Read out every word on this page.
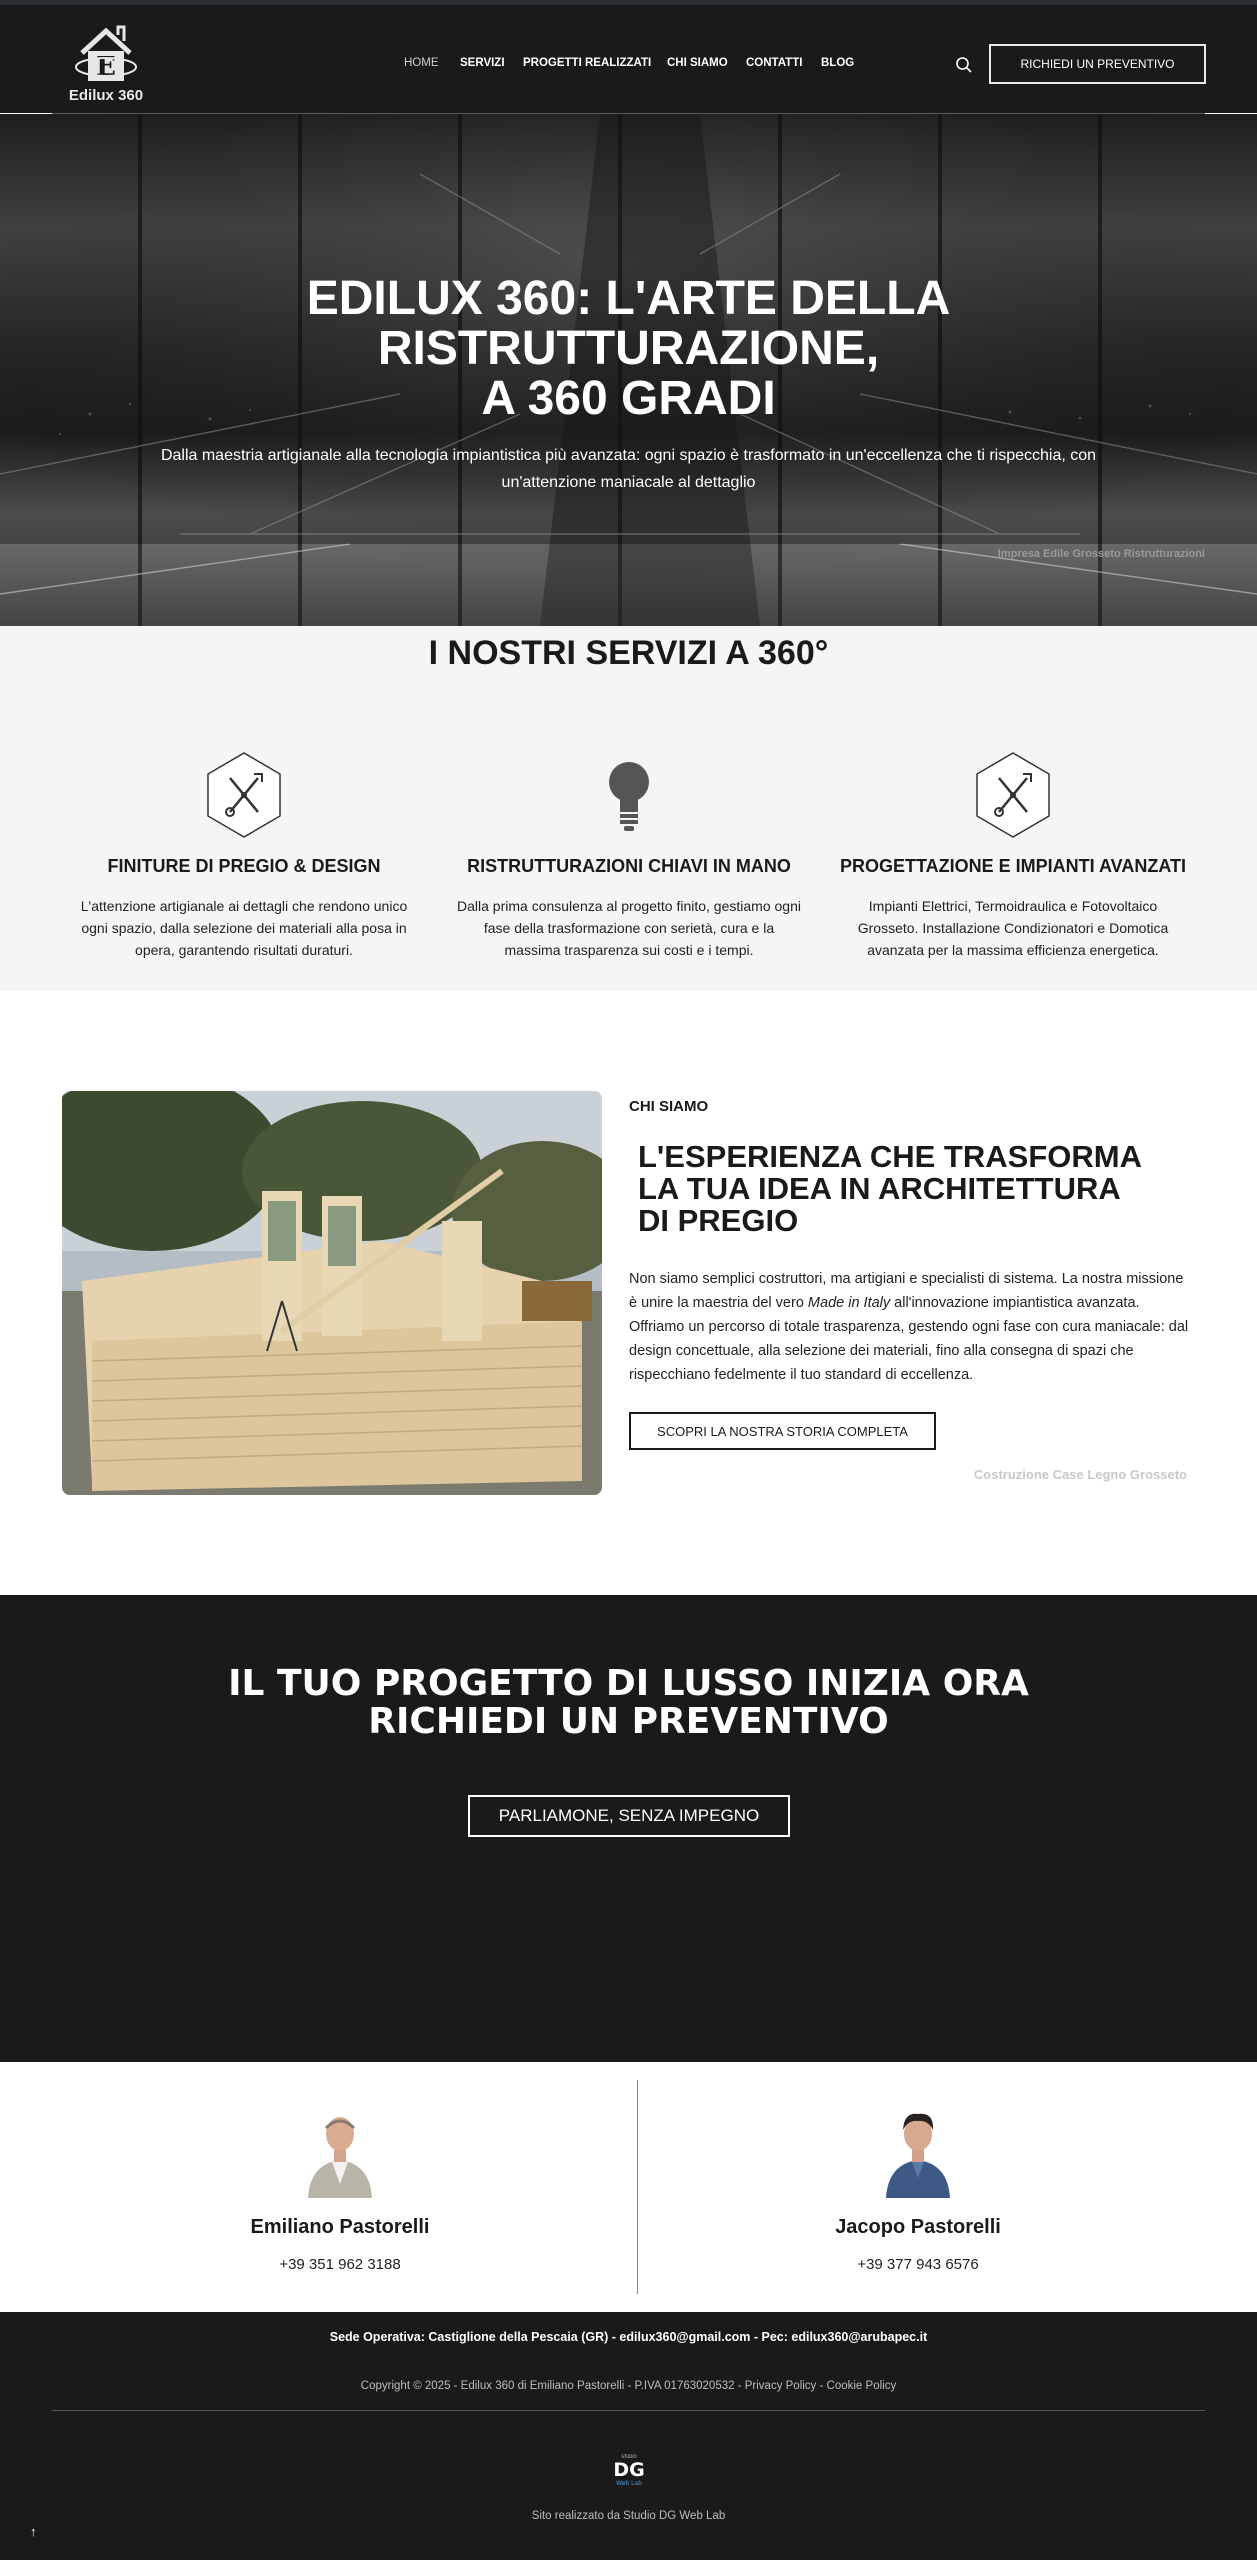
E
Edilux 360
HOME SERVIZI PROGETTI REALIZZATI CHI SIAMO CONTATTI BLOG	RICHIEDI UN PREVENTIVO
EDILUX 360: L'ARTE DELLA
RISTRUTTURAZIONE,
A 360 GRADI

Dalla maestria artigianale alla tecnologia impiantistica più avanzata: ogni spazio è trasformato in un'eccellenza che ti rispecchia, con un'attenzione maniacale al dettaglio

Impresa Edile Grosseto Ristrutturazioni
I NOSTRI SERVIZI A 360°
FINITURE DI PREGIO & DESIGN
L'attenzione artigianale ai dettagli che rendono unico ogni spazio, dalla selezione dei materiali alla posa in opera, garantendo risultati duraturi.
RISTRUTTURAZIONI CHIAVI IN MANO
Dalla prima consulenza al progetto finito, gestiamo ogni fase della trasformazione con serietà, cura e la massima trasparenza sui costi e i tempi.
PROGETTAZIONE E IMPIANTI AVANZATI
Impianti Elettrici, Termoidraulica e Fotovoltaico Grosseto. Installazione Condizionatori e Domotica avanzata per la massima efficienza energetica.
CHI SIAMO
L'ESPERIENZA CHE TRASFORMA
LA TUA IDEA IN ARCHITETTURA
DI PREGIO

Non siamo semplici costruttori, ma artigiani e specialisti di sistema. La nostra missione è unire la maestria del vero Made in Italy all'innovazione impiantistica avanzata. Offriamo un percorso di totale trasparenza, gestendo ogni fase con cura maniacale: dal design concettuale, alla selezione dei materiali, fino alla consegna di spazi che rispecchiano fedelmente il tuo standard di eccellenza.

SCOPRI LA NOSTRA STORIA COMPLETA
Costruzione Case Legno Grosseto
IL TUO PROGETTO DI LUSSO INIZIA ORA
RICHIEDI UN PREVENTIVO
PARLIAMONE, SENZA IMPEGNO
Emiliano Pastorelli
+39 351 962 3188
Jacopo Pastorelli
+39 377 943 6576
Sede Operativa: Castiglione della Pescaia (GR) - edilux360@gmail.com - Pec: edilux360@arubapec.it
Copyright © 2025 - Edilux 360 di Emiliano Pastorelli - P.IVA 01763020532 - Privacy Policy - Cookie Policy
STUDIO
DG
Web Lab
Sito realizzato da Studio DG Web Lab
↑
